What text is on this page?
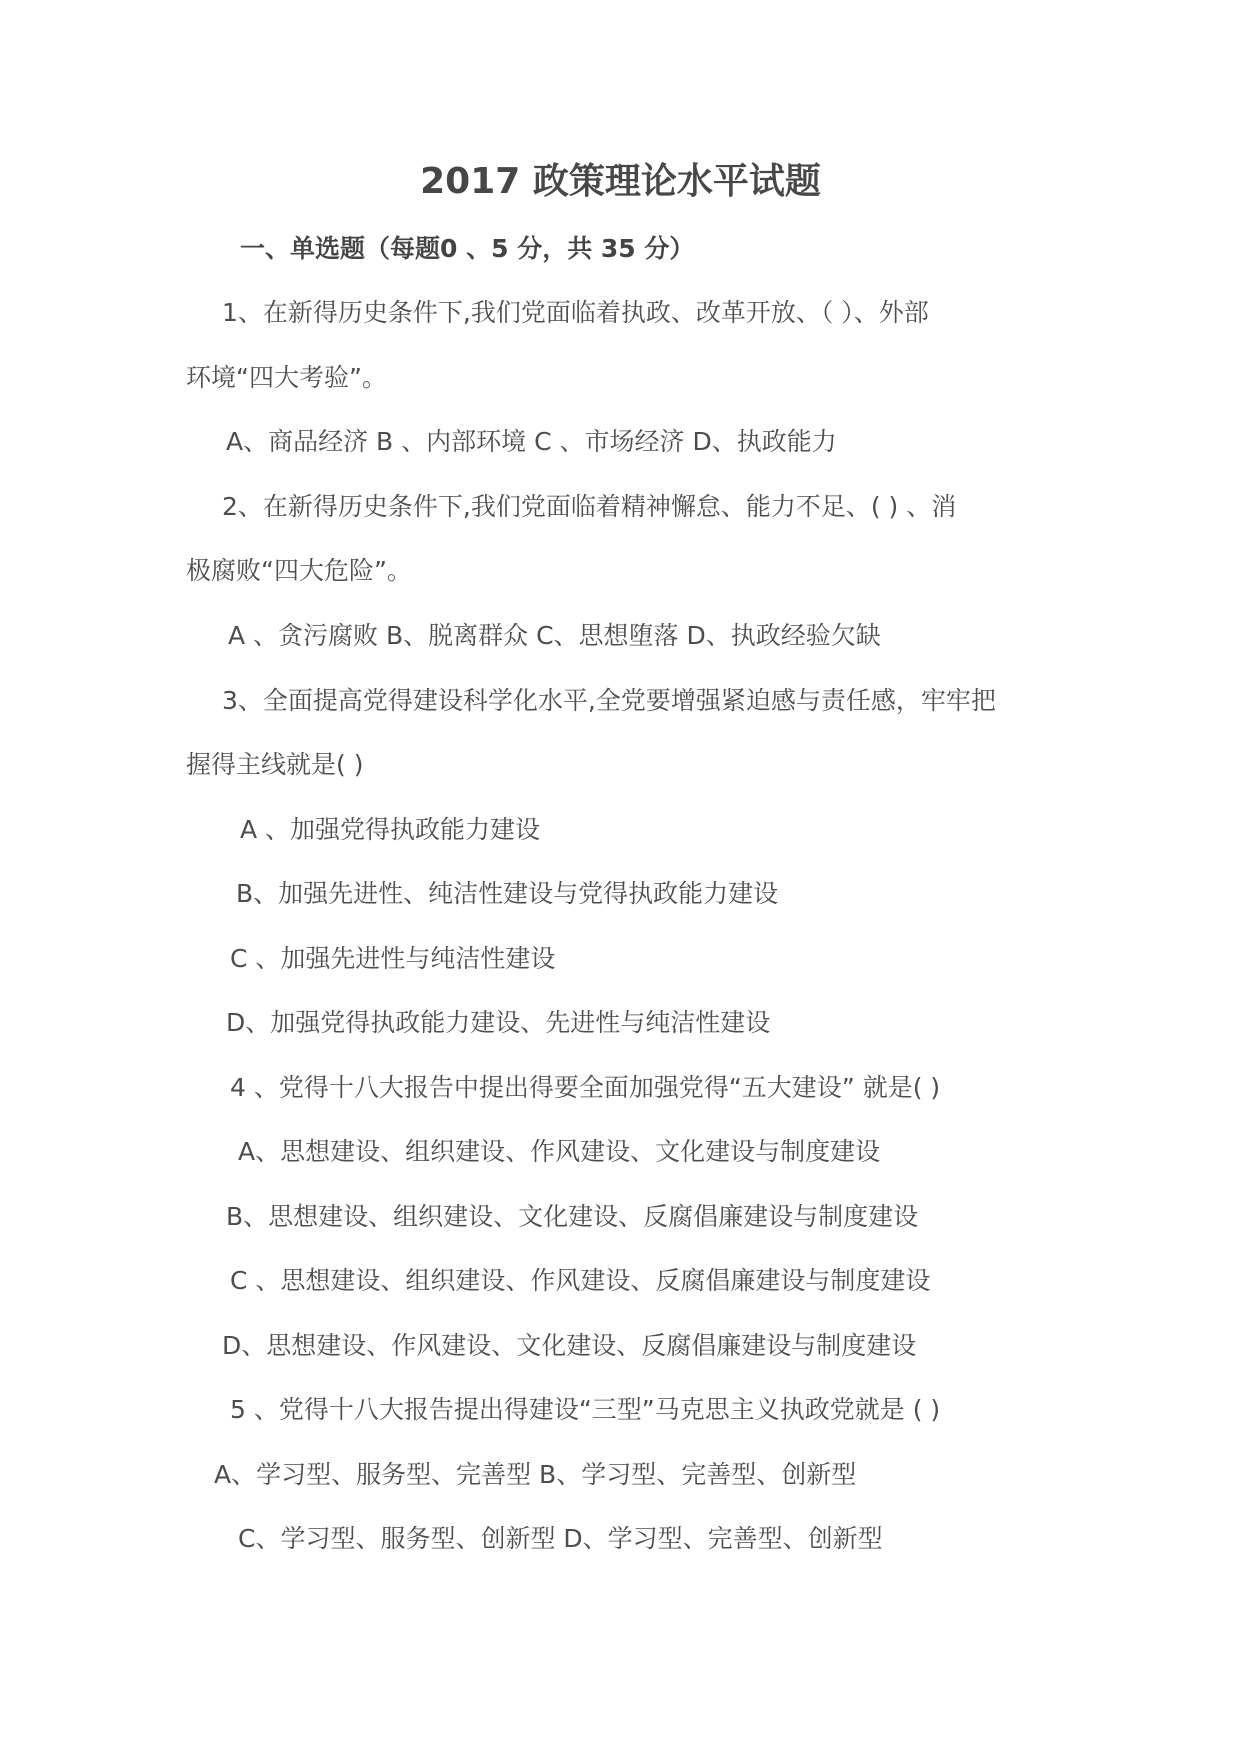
2017 政策理论水平试题
一、单选题（每题0 、5 分，共 35 分）
1、在新得历史条件下,我们党面临着执政、改革开放、（ ）、外部
环境“四大考验”。
A、商品经济 B 、内部环境 C 、市场经济 D、执政能力
2、在新得历史条件下,我们党面临着精神懈怠、能力不足、( ) 、消
极腐败“四大危险”。
A 、贪污腐败 B、脱离群众 C、思想堕落 D、执政经验欠缺
3、全面提高党得建设科学化水平,全党要增强紧迫感与责任感，牢牢把
握得主线就是( )
A 、加强党得执政能力建设
B、加强先进性、纯洁性建设与党得执政能力建设
C 、加强先进性与纯洁性建设
D、加强党得执政能力建设、先进性与纯洁性建设
4 、党得十八大报告中提出得要全面加强党得“五大建设” 就是( )
A、思想建设、组织建设、作风建设、文化建设与制度建设
B、思想建设、组织建设、文化建设、反腐倡廉建设与制度建设
C 、思想建设、组织建设、作风建设、反腐倡廉建设与制度建设
D、思想建设、作风建设、文化建设、反腐倡廉建设与制度建设
5 、党得十八大报告提出得建设“三型”马克思主义执政党就是 ( )
A、学习型、服务型、完善型 B、学习型、完善型、创新型
C、学习型、服务型、创新型 D、学习型、完善型、创新型
